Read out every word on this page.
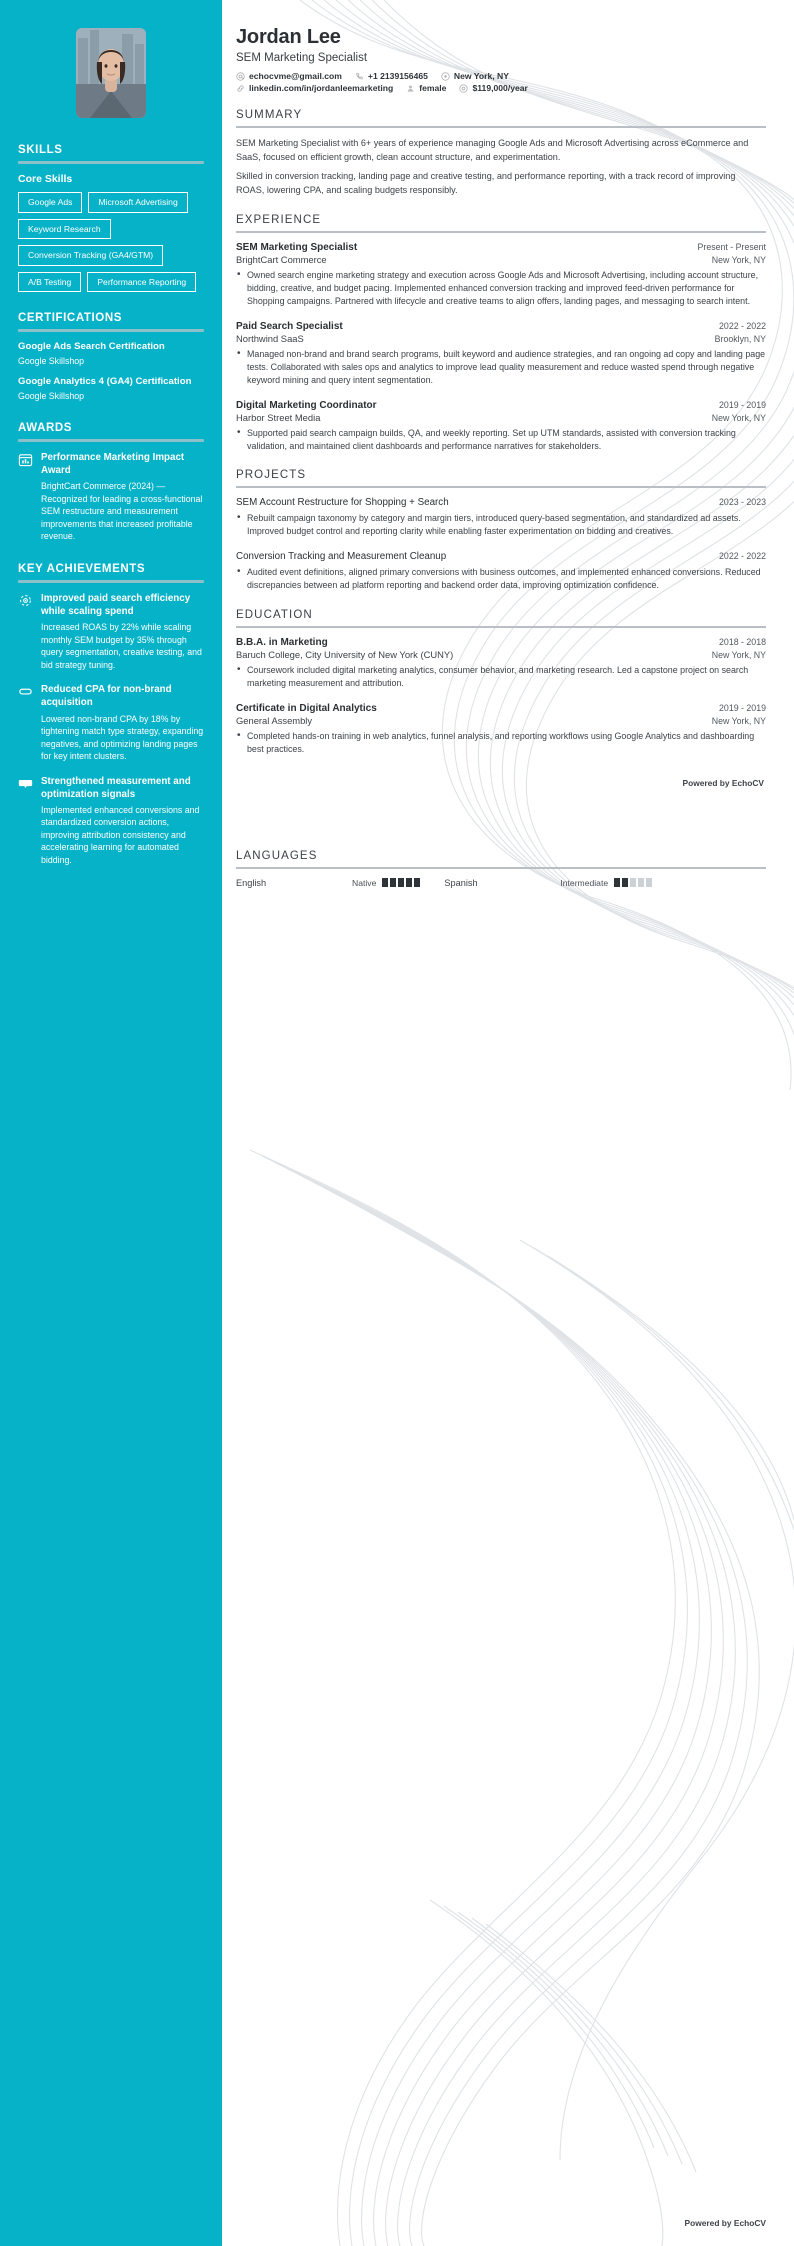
SKILLS
Core Skills
Google Ads	Microsoft Advertising
Keyword Research
Conversion Tracking (GA4/GTM)
A/B Testing	Performance Reporting
CERTIFICATIONS
Google Ads Search Certification
Google Skillshop
Google Analytics 4 (GA4) Certification
Google Skillshop
AWARDS
Performance Marketing Impact Award
BrightCart Commerce (2024) — Recognized for leading a cross-functional SEM restructure and measurement improvements that increased profitable revenue.
KEY ACHIEVEMENTS
Improved paid search efficiency while scaling spend
Increased ROAS by 22% while scaling monthly SEM budget by 35% through query segmentation, creative testing, and bid strategy tuning.
Reduced CPA for non-brand acquisition
Lowered non-brand CPA by 18% by tightening match type strategy, expanding negatives, and optimizing landing pages for key intent clusters.
Strengthened measurement and optimization signals
Implemented enhanced conversions and standardized conversion actions, improving attribution consistency and accelerating learning for automated bidding.
Jordan Lee
SEM Marketing Specialist
echocvme@gmail.com	+1 2139156465	New York, NY
linkedin.com/in/jordanleemarketing	female	$119,000/year
SUMMARY

SEM Marketing Specialist with 6+ years of experience managing Google Ads and Microsoft Advertising across eCommerce and SaaS, focused on efficient growth, clean account structure, and experimentation.

Skilled in conversion tracking, landing page and creative testing, and performance reporting, with a track record of improving ROAS, lowering CPA, and scaling budgets responsibly.

EXPERIENCE
SEM Marketing Specialist	Present - Present
BrightCart Commerce	New York, NY
• Owned search engine marketing strategy and execution across Google Ads and Microsoft Advertising, including account structure, bidding, creative, and budget pacing. Implemented enhanced conversion tracking and improved feed-driven performance for Shopping campaigns. Partnered with lifecycle and creative teams to align offers, landing pages, and messaging to search intent.
Paid Search Specialist	2022 - 2022
Northwind SaaS	Brooklyn, NY
• Managed non-brand and brand search programs, built keyword and audience strategies, and ran ongoing ad copy and landing page tests. Collaborated with sales ops and analytics to improve lead quality measurement and reduce wasted spend through negative keyword mining and query intent segmentation.
Digital Marketing Coordinator	2019 - 2019
Harbor Street Media	New York, NY
• Supported paid search campaign builds, QA, and weekly reporting. Set up UTM standards, assisted with conversion tracking validation, and maintained client dashboards and performance narratives for stakeholders.
PROJECTS
SEM Account Restructure for Shopping + Search	2023 - 2023
• Rebuilt campaign taxonomy by category and margin tiers, introduced query-based segmentation, and standardized ad assets. Improved budget control and reporting clarity while enabling faster experimentation on bidding and creatives.
Conversion Tracking and Measurement Cleanup	2022 - 2022
• Audited event definitions, aligned primary conversions with business outcomes, and implemented enhanced conversions. Reduced discrepancies between ad platform reporting and backend order data, improving optimization confidence.
EDUCATION
B.B.A. in Marketing	2018 - 2018
Baruch College, City University of New York (CUNY)	New York, NY
• Coursework included digital marketing analytics, consumer behavior, and marketing research. Led a capstone project on search marketing measurement and attribution.
Certificate in Digital Analytics	2019 - 2019
General Assembly	New York, NY
• Completed hands-on training in web analytics, funnel analysis, and reporting workflows using Google Analytics and dashboarding best practices.
Powered by EchoCV
LANGUAGES
English	Native	Spanish	Intermediate
Powered by EchoCV
